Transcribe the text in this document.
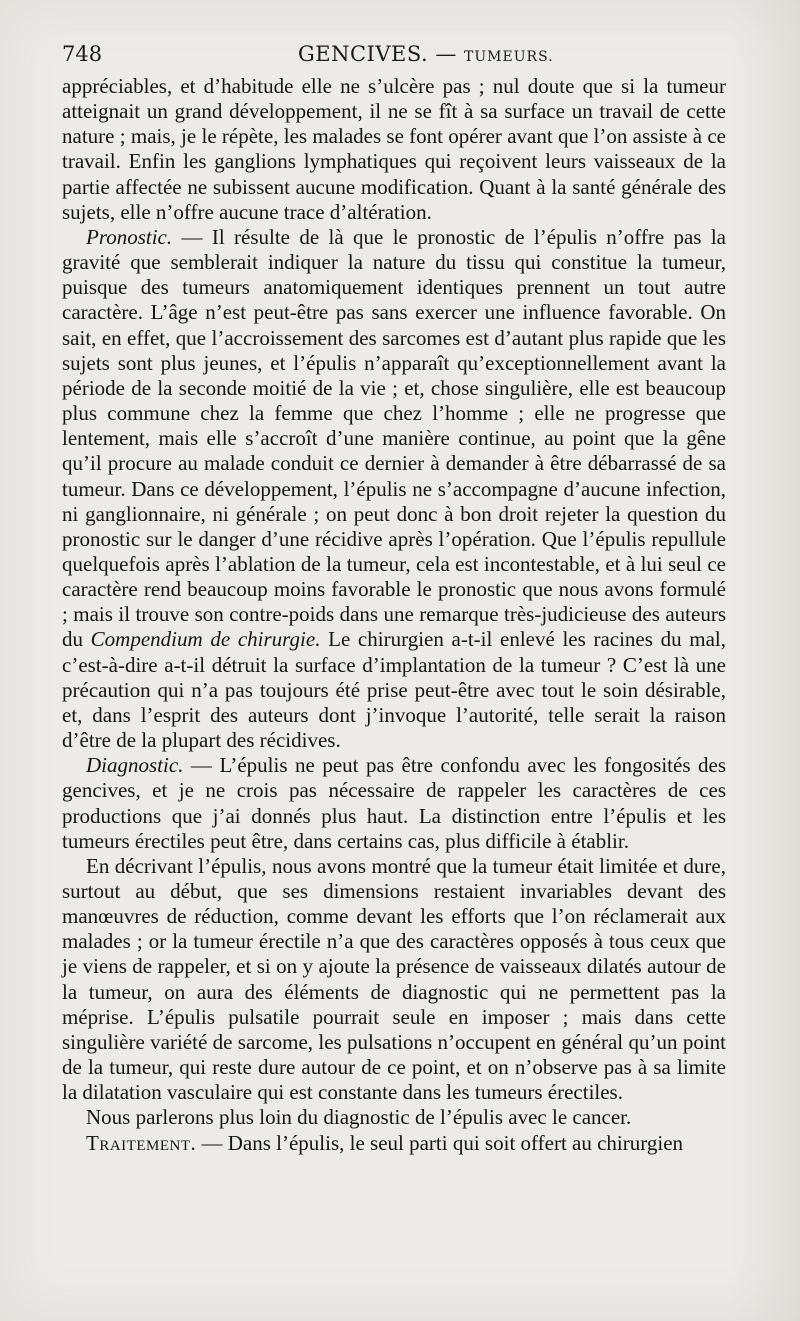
748	GENCIVES. — TUMEURS.

appréciables, et d’habitude elle ne s’ulcère pas ; nul doute que si la tumeur atteignait un grand développement, il ne se fît à sa surface un travail de cette nature ; mais, je le répète, les malades se font opérer avant que l’on assiste à ce travail. Enfin les ganglions lymphatiques qui reçoivent leurs vaisseaux de la partie affectée ne subissent aucune modification. Quant à la santé générale des sujets, elle n’offre aucune trace d’altération.

Pronostic. — Il résulte de là que le pronostic de l’épulis n’offre pas la gravité que semblerait indiquer la nature du tissu qui constitue la tumeur, puisque des tumeurs anatomiquement identiques prennent un tout autre caractère. L’âge n’est peut-être pas sans exercer une influence favorable. On sait, en effet, que l’accroissement des sarcomes est d’autant plus rapide que les sujets sont plus jeunes, et l’épulis n’apparaît qu’exceptionnellement avant la période de la seconde moitié de la vie ; et, chose singulière, elle est beaucoup plus commune chez la femme que chez l’homme ; elle ne progresse que lentement, mais elle s’accroît d’une manière continue, au point que la gêne qu’il procure au malade conduit ce dernier à demander à être débarrassé de sa tumeur. Dans ce développement, l’épulis ne s’accompagne d’aucune infection, ni ganglionnaire, ni générale ; on peut donc à bon droit rejeter la question du pronostic sur le danger d’une récidive après l’opération. Que l’épulis repullule quelquefois après l’ablation de la tumeur, cela est incontestable, et à lui seul ce caractère rend beaucoup moins favorable le pronostic que nous avons formulé ; mais il trouve son contre-poids dans une remarque très-judicieuse des auteurs du Compendium de chirurgie. Le chirurgien a-t-il enlevé les racines du mal, c’est-à-dire a-t-il détruit la surface d’implantation de la tumeur ? C’est là une précaution qui n’a pas toujours été prise peut-être avec tout le soin désirable, et, dans l’esprit des auteurs dont j’invoque l’autorité, telle serait la raison d’être de la plupart des récidives.

Diagnostic. — L’épulis ne peut pas être confondu avec les fongosités des gencives, et je ne crois pas nécessaire de rappeler les caractères de ces productions que j’ai donnés plus haut. La distinction entre l’épulis et les tumeurs érectiles peut être, dans certains cas, plus difficile à établir.

En décrivant l’épulis, nous avons montré que la tumeur était limitée et dure, surtout au début, que ses dimensions restaient invariables devant des manœuvres de réduction, comme devant les efforts que l’on réclamerait aux malades ; or la tumeur érectile n’a que des caractères opposés à tous ceux que je viens de rappeler, et si on y ajoute la présence de vaisseaux dilatés autour de la tumeur, on aura des éléments de diagnostic qui ne permettent pas la méprise. L’épulis pulsatile pourrait seule en imposer ; mais dans cette singulière variété de sarcome, les pulsations n’occupent en général qu’un point de la tumeur, qui reste dure autour de ce point, et on n’observe pas à sa limite la dilatation vasculaire qui est constante dans les tumeurs érectiles.

Nous parlerons plus loin du diagnostic de l’épulis avec le cancer.

Traitement. — Dans l’épulis, le seul parti qui soit offert au chirurgien
